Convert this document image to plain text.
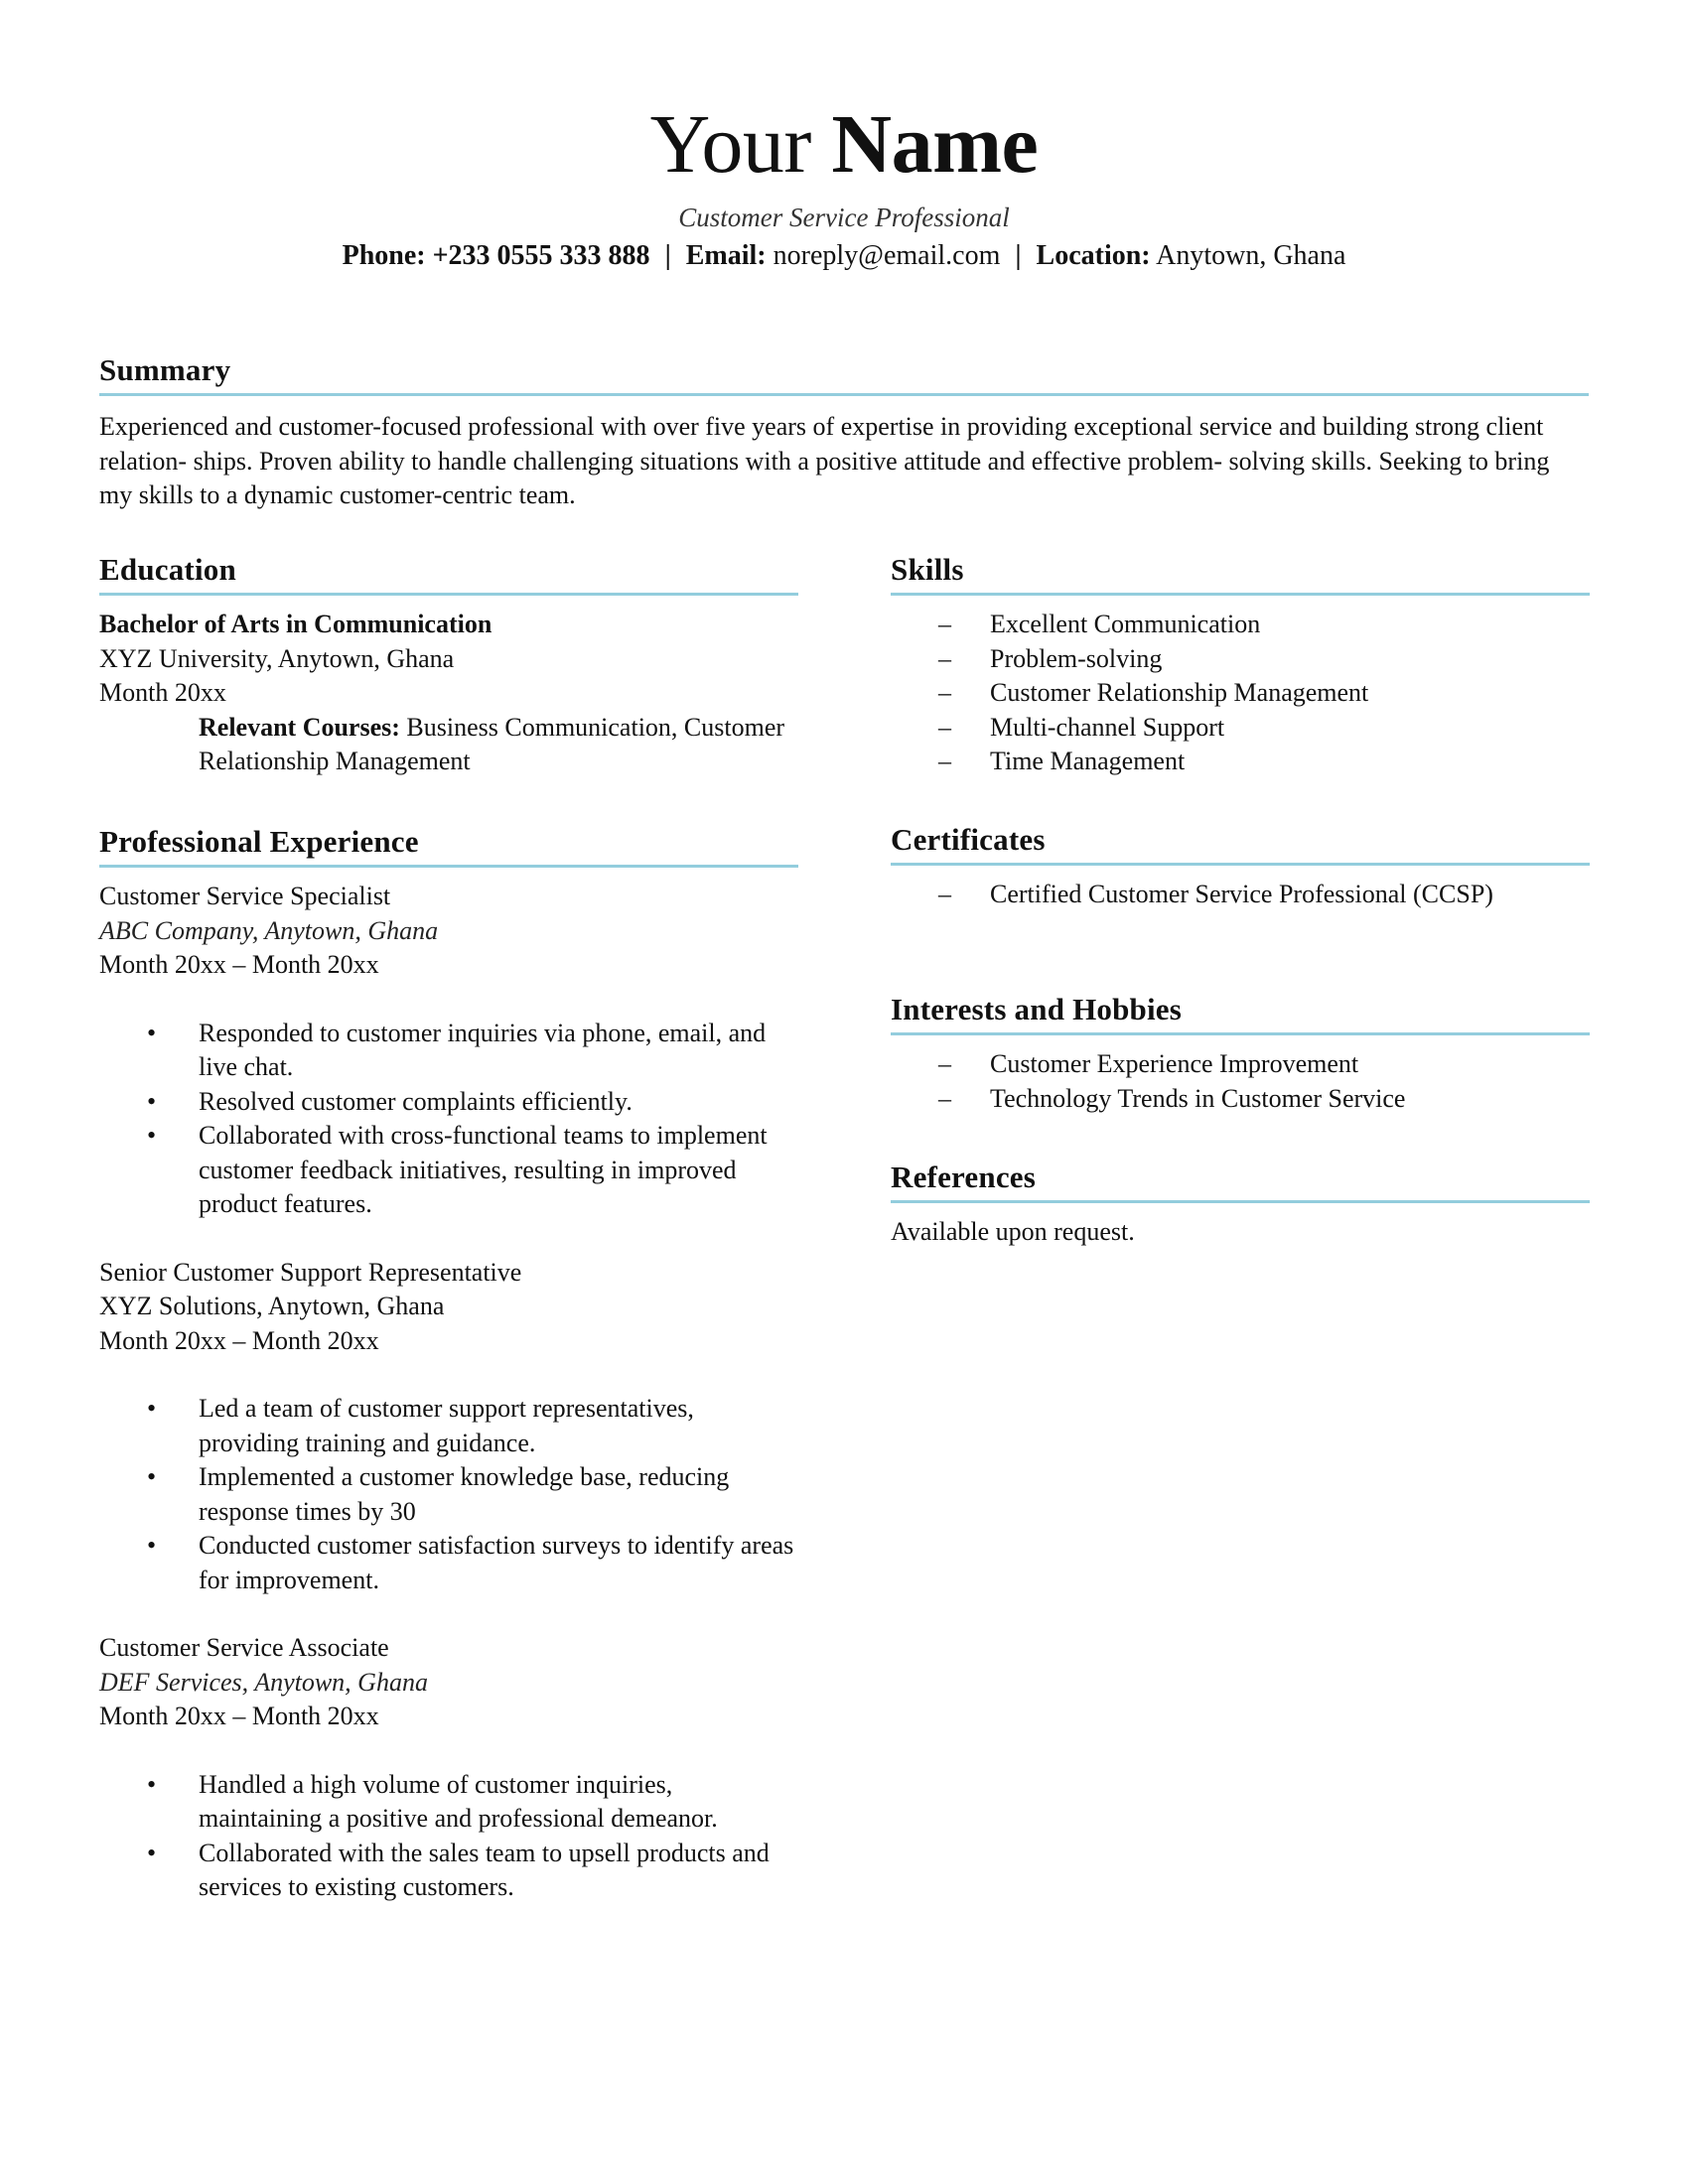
Your Name
Customer Service Professional
Phone: +233 0555 333 888 | Email: noreply@email.com | Location: Anytown, Ghana
Summary
Experienced and customer-focused professional with over five years of expertise in providing exceptional service and building strong client relation- ships. Proven ability to handle challenging situations with a positive attitude and effective problem- solving skills. Seeking to bring my skills to a dynamic customer-centric team.
Education
Bachelor of Arts in Communication
XYZ University, Anytown, Ghana
Month 20xx
Relevant Courses: Business Communication, Customer Relationship Management
Professional Experience
Customer Service Specialist
ABC Company, Anytown, Ghana
Month 20xx – Month 20xx
• Responded to customer inquiries via phone, email, and live chat.
• Resolved customer complaints efficiently.
• Collaborated with cross-functional teams to implement customer feedback initiatives, resulting in improved product features.
Senior Customer Support Representative
XYZ Solutions, Anytown, Ghana
Month 20xx – Month 20xx
• Led a team of customer support representatives, providing training and guidance.
• Implemented a customer knowledge base, reducing response times by 30
• Conducted customer satisfaction surveys to identify areas for improvement.
Customer Service Associate
DEF Services, Anytown, Ghana
Month 20xx – Month 20xx
• Handled a high volume of customer inquiries, maintaining a positive and professional demeanor.
• Collaborated with the sales team to upsell products and services to existing customers.
Skills
– Excellent Communication
– Problem-solving
– Customer Relationship Management
– Multi-channel Support
– Time Management
Certificates
– Certified Customer Service Professional (CCSP)
Interests and Hobbies
– Customer Experience Improvement
– Technology Trends in Customer Service
References
Available upon request.
